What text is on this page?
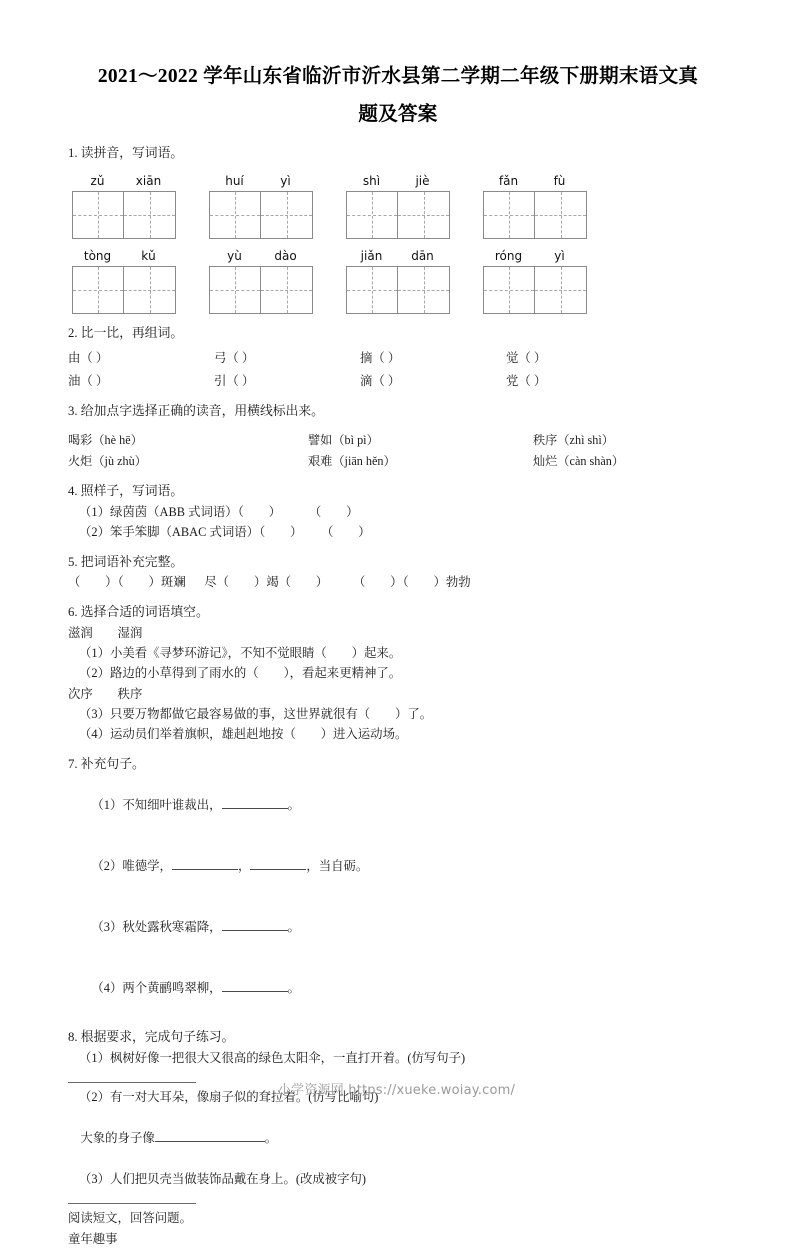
2021～2022 学年山东省临沂市沂水县第二学期二年级下册期末语文真
题及答案
1. 读拼音，写词语。
zǔ	xiān	huí	yì	shì	jiè	fǎn	fù
tòng	kǔ	yù	dào	jiǎn	dān	róng	yì
2. 比一比，再组词。
由（ ）	弓（ ）	摘（ ）	觉（ ）
油（ ）	引（ ）	滴（ ）	党（ ）
3. 给加点字选择正确的读音，用横线标出来。
喝彩（hè hē）	譬如（bì pì）	秩序（zhì shì）
火炬（jù zhù）	艰难（jiān hěn）	灿烂（càn shàn）
4. 照样子，写词语。
（1）绿茵茵（ABB 式词语）（        ）         （        ）
（2）笨手笨脚（ABAC 式词语）（        ）      （        ）
5. 把词语补充完整。
（        ）（        ）斑斓      尽（        ）竭（        ）        （        ）（        ）勃勃
6. 选择合适的词语填空。
滋润        湿润
（1）小美看《寻梦环游记》，不知不觉眼睛（        ）起来。
（2）路边的小草得到了雨水的（        ），看起来更精神了。
次序        秩序
（3）只要万物都做它最容易做的事，这世界就很有（        ）了。
（4）运动员们举着旗帜，雄赳赳地按（        ）进入运动场。
7. 补充句子。

（1）不知细叶谁裁出，	。

（2）唯德学，	，	，当自砺。

（3）秋处露秋寒霜降，	。

（4）两个黄鹂鸣翠柳，	。

8. 根据要求，完成句子练习。
（1）枫树好像一把很大又很高的绿色太阳伞，一直打开着。(仿写句子)
（2）有一对大耳朵，像扇子似的耷拉着。(仿写比喻句)

大象的身子像	。

（3）人们把贝壳当做装饰品戴在身上。(改成被字句)
阅读短文，回答问题。
童年趣事
小学资源网 https://xueke.woiay.com/
